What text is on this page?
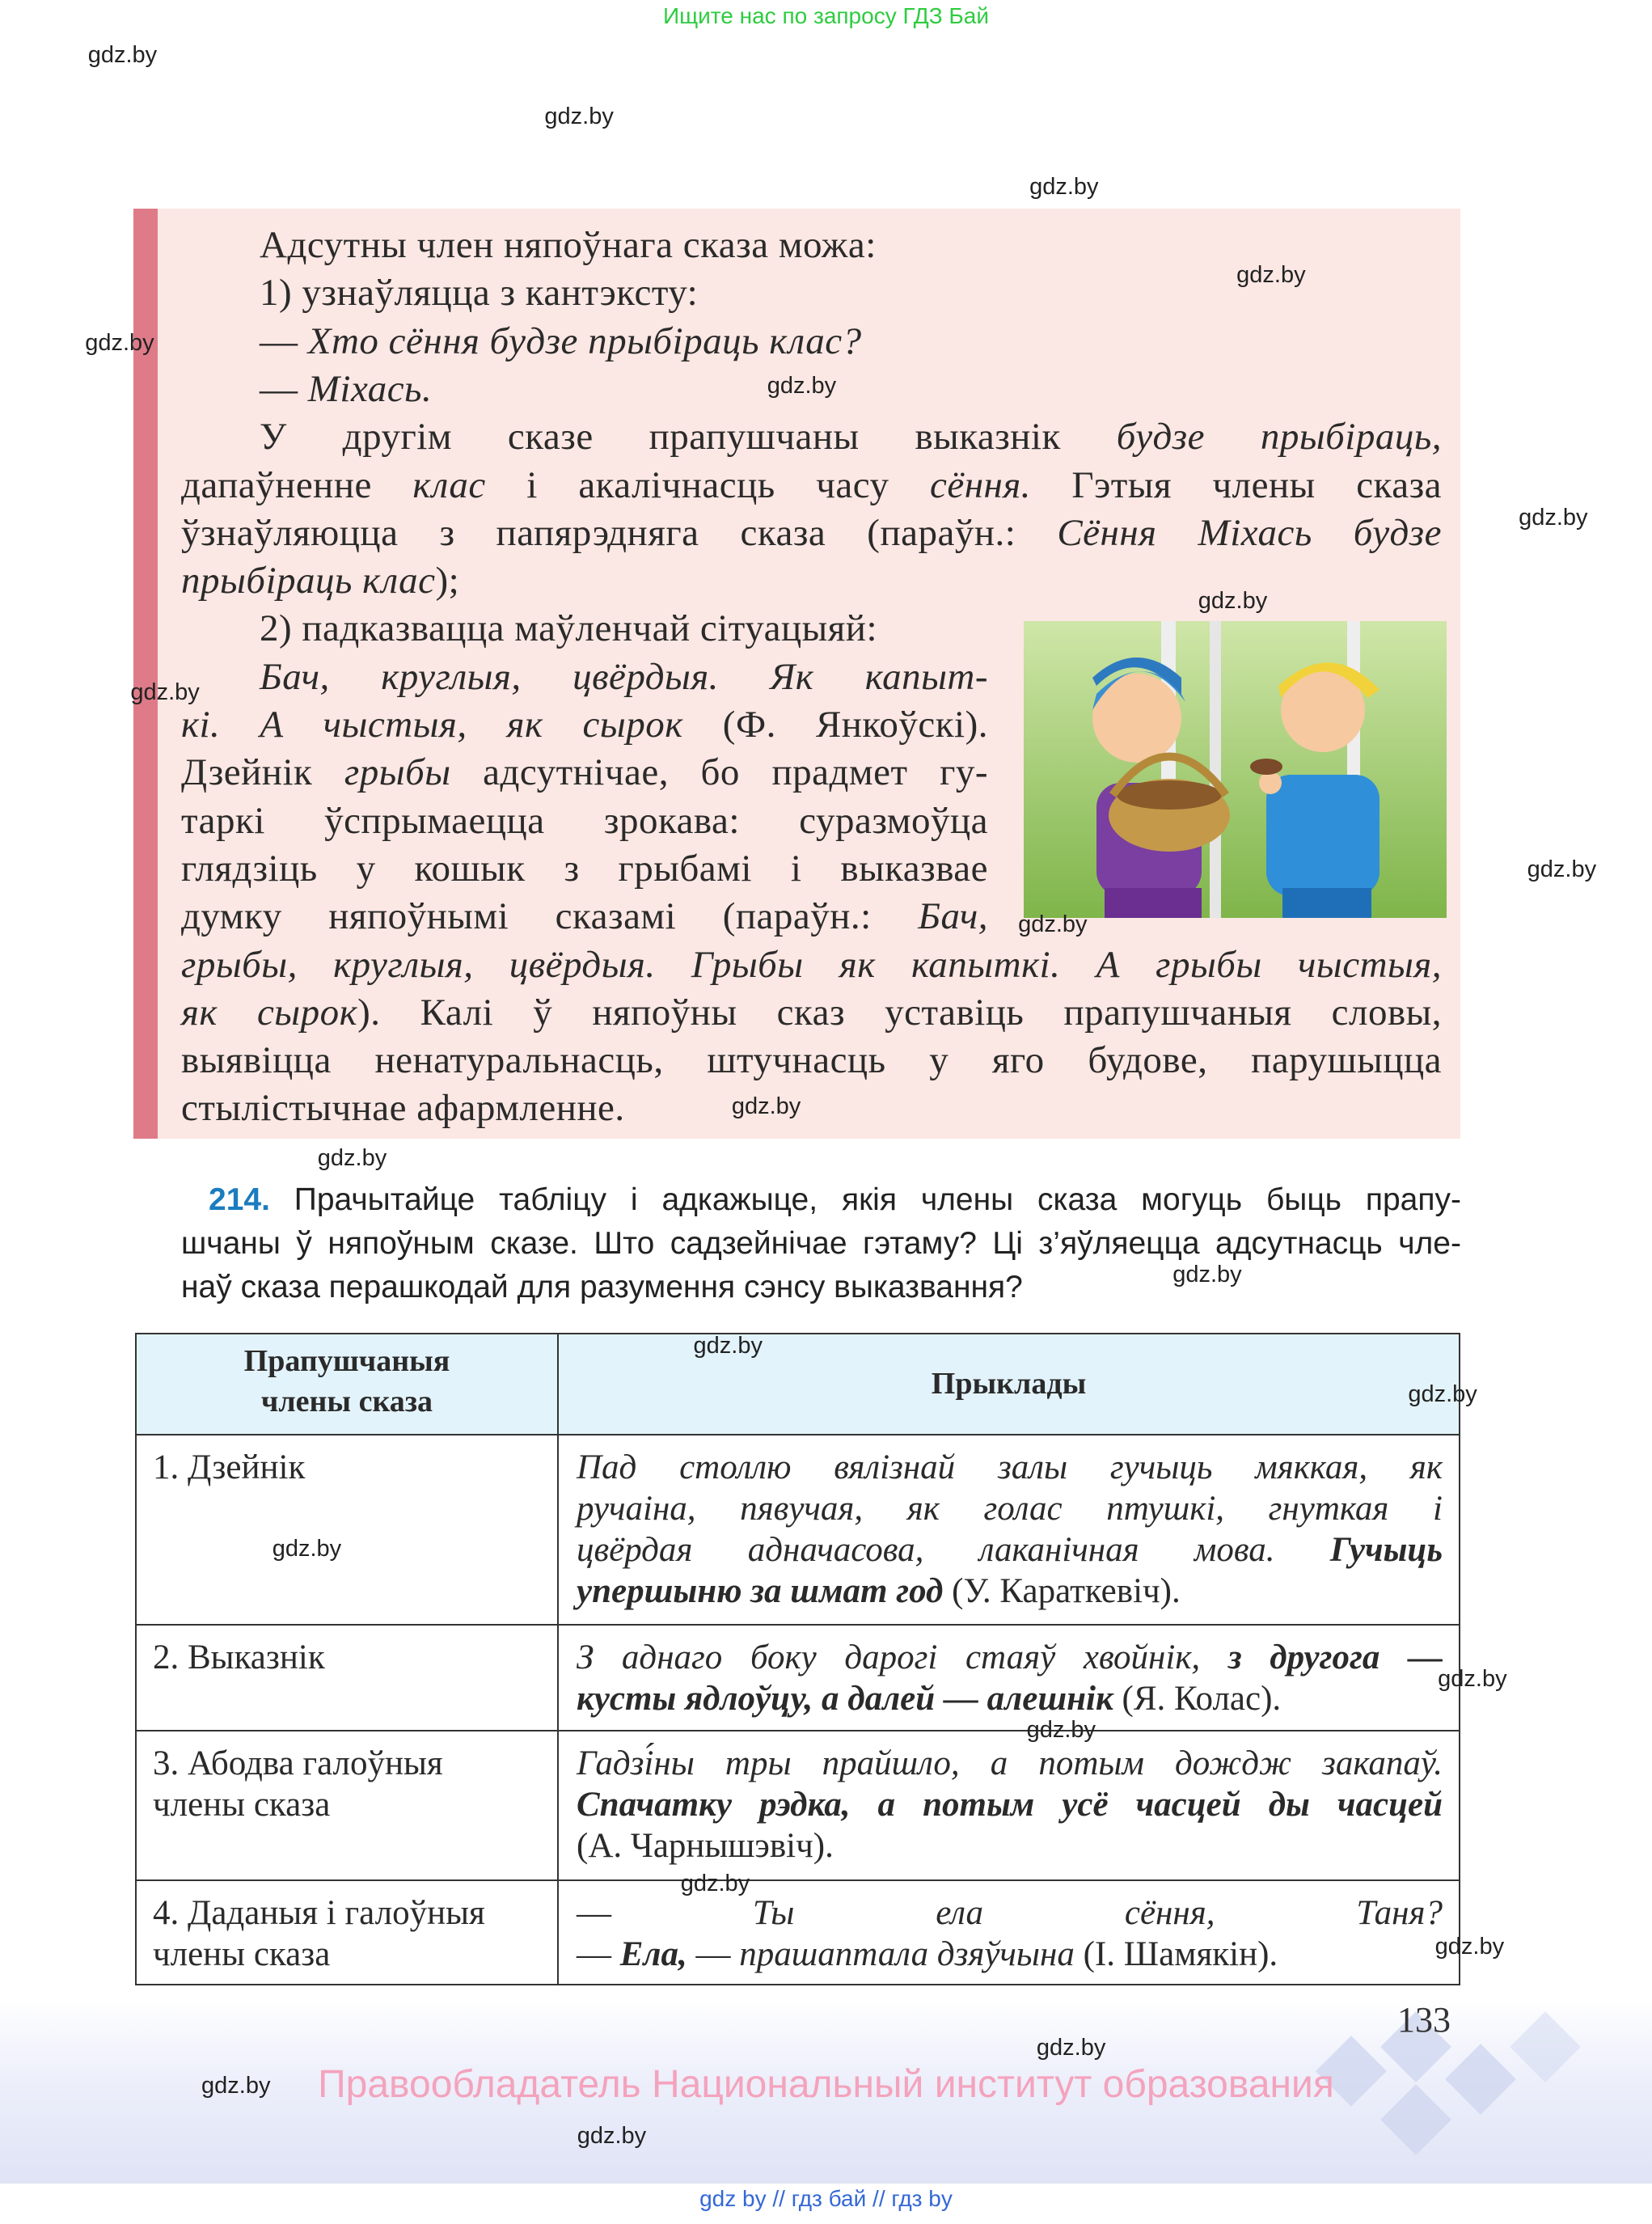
Ищите нас по запросу ГДЗ Бай
Адсутны член няпоўнага сказа можа:
1) узнаўляцца з кантэксту:
— Хто сёння будзе прыбіраць клас?
— Міхась.
У другім сказе прапушчаны выказнік будзе прыбіраць,
дапаўненне клас і акалічнасць часу сёння. Гэтыя члены сказа
ўзнаўляюцца з папярэдняга сказа (параўн.: Сёння Міхась будзе
прыбіраць клас);
2) падказвацца маўленчай сітуацыяй:
Бач, круглыя, цвёрдыя. Як капыт-
кі. А чыстыя, як сырок (Ф. Янкоўскі).
Дзейнік грыбы адсутнічае, бо прадмет гу-
таркі ўспрымаецца зрокава: суразмоўца
глядзіць у кошык з грыбамі і выказвае
думку няпоўнымі сказамі (параўн.: Бач,
грыбы, круглыя, цвёрдыя. Грыбы як капыткі. А грыбы чыстыя,
як сырок). Калі ў няпоўны сказ уставіць прапушчаныя словы,
выявіцца ненатуральнасць, штучнасць у яго будове, парушыцца
стылістычнае афармленне.
214. Прачытайце табліцу і адкажыце, якія члены сказа могуць быць прапу-
шчаны ў няпоўным сказе. Што садзейнічае гэтаму? Ці з’яўляецца адсутнасць чле-
наў сказа перашкодай для разумення сэнсу выказвання?
Прапушчаныя
члены сказа
Прыклады
1. Дзейнік	Пад столлю вялізнай залы гучыць мяккая, як
ручаіна, пявучая, як голас птушкі, гнуткая і
цвёрдая адначасова, лаканічная мова. Гучыць
упершыню за шмат год (У. Караткевіч).
2. Выказнік	З аднаго боку дарогі стаяў хвойнік, з другога —
кусты ядлоўцу, а далей — алешнік (Я. Колас).
3. Абодва галоўныя
члены сказа
Гадзі́ны тры прайшло, а потым дождж закапаў.
Спачатку рэдка, а потым усё часцей ды часцей
(А. Чарнышэвіч).
4. Даданыя і галоўныя
члены сказа
— Ты ела сёння, Таня?
— Ела, — прашаптала дзяўчына (І. Шамякін).
133
Правообладатель Национальный институт образования
gdz by // гдз бай // гдз by
gdz.by
gdz.by
gdz.by
gdz.by
gdz.by
gdz.by
gdz.by
gdz.by
gdz.by
gdz.by
gdz.by
gdz.by
gdz.by
gdz.by
gdz.by
gdz.by
gdz.by
gdz.by
gdz.by
gdz.by
gdz.by
gdz.by
gdz.by
gdz.by
